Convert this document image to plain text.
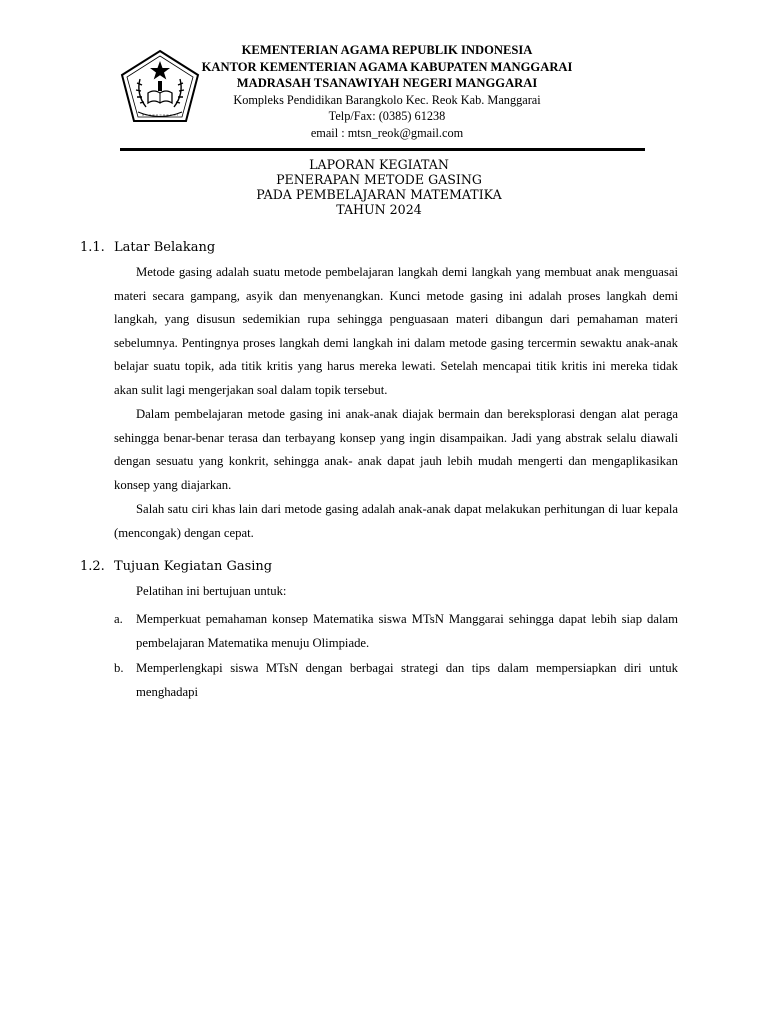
KEMENTERIAN AGAMA REPUBLIK INDONESIA
KANTOR KEMENTERIAN AGAMA KABUPATEN MANGGARAI
MADRASAH TSANAWIYAH NEGERI MANGGARAI
Kompleks Pendidikan Barangkolo Kec. Reok Kab. Manggarai
Telp/Fax: (0385) 61238
email : mtsn_reok@gmail.com
LAPORAN KEGIATAN
PENERAPAN METODE GASING
PADA PEMBELAJARAN MATEMATIKA
TAHUN 2024
1.1. Latar Belakang

Metode gasing adalah suatu metode pembelajaran langkah demi langkah yang membuat anak menguasai materi secara gampang, asyik dan menyenangkan. Kunci metode gasing ini adalah proses langkah demi langkah, yang disusun sedemikian rupa sehingga penguasaan materi dibangun dari pemahaman materi sebelumnya. Pentingnya proses langkah demi langkah ini dalam metode gasing tercermin sewaktu anak-anak belajar suatu topik, ada titik kritis yang harus mereka lewati. Setelah mencapai titik kritis ini mereka tidak akan sulit lagi mengerjakan soal dalam topik tersebut.

Dalam pembelajaran metode gasing ini anak-anak diajak bermain dan bereksplorasi dengan alat peraga sehingga benar-benar terasa dan terbayang konsep yang ingin disampaikan. Jadi yang abstrak selalu diawali dengan sesuatu yang konkrit, sehingga anak- anak dapat jauh lebih mudah mengerti dan mengaplikasikan konsep yang diajarkan.

Salah satu ciri khas lain dari metode gasing adalah anak-anak dapat melakukan perhitungan di luar kepala (mencongak) dengan cepat.

1.2. Tujuan Kegiatan Gasing

Pelatihan ini bertujuan untuk:

a. Memperkuat pemahaman konsep Matematika siswa MTsN Manggarai sehingga dapat lebih siap dalam pembelajaran Matematika menuju Olimpiade.
b. Memperlengkapi siswa MTsN dengan berbagai strategi dan tips dalam mempersiapkan diri untuk menghadapi
